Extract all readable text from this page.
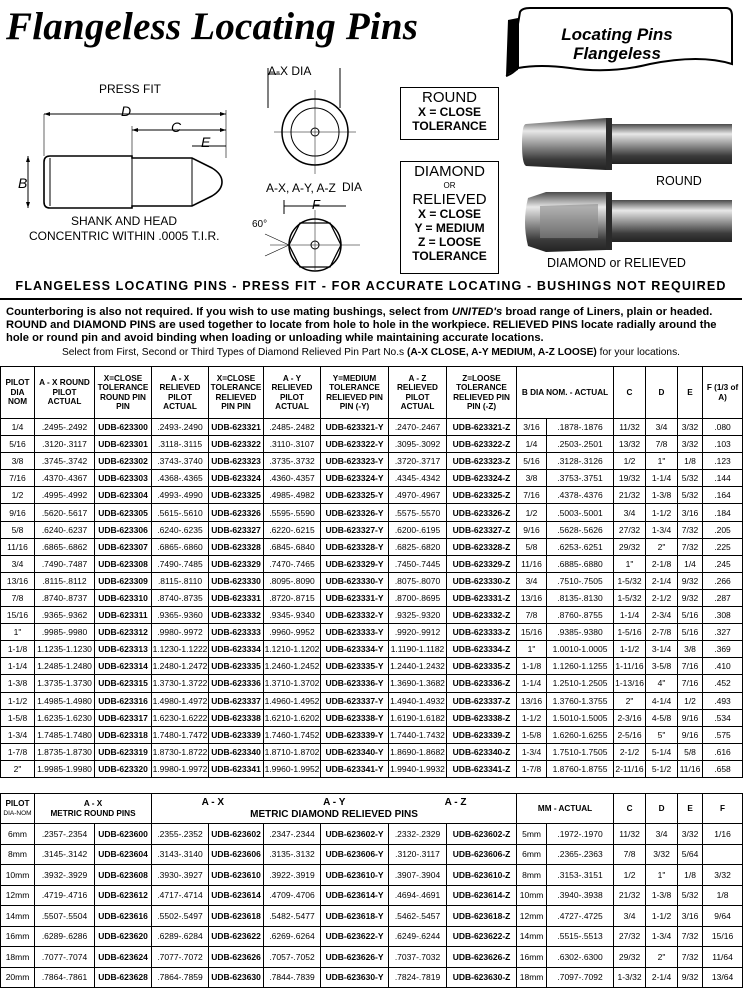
Flangeless Locating Pins	Locating Pins
Flangeless
PRESS FIT
D
C
E
B
SHANK AND HEAD
CONCENTRIC WITHIN .0005 T.I.R.
A-X DIA
A-X, A-Y, A-Z DIA
F
60°
ROUND
X = CLOSE
TOLERANCE
DIAMOND
OR
RELIEVED
X = CLOSE
Y = MEDIUM
Z = LOOSE
TOLERANCE
ROUND
DIAMOND or RELIEVED
FLANGELESS LOCATING PINS - PRESS FIT - FOR ACCURATE LOCATING - BUSHINGS NOT REQUIRED
Counterboring is also not required. If you wish to use mating bushings, select from UNITED's broad range of Liners, plain or headed. ROUND and DIAMOND PINS are used together to locate from hole to hole in the workpiece. RELIEVED PINS locate radially around the hole or round pin and avoid binding when loading or unloading while maintaining accurate locations.
Select from First, Second or Third Types of Diamond Relieved Pin Part No.s (A-X CLOSE, A-Y MEDIUM, A-Z LOOSE) for your locations.
PILOT DIA NOM	A - X ROUND PILOT ACTUAL	X=CLOSE TOLERANCE ROUND PIN PIN	A - X RELIEVED PILOT ACTUAL	X=CLOSE TOLERANCE RELIEVED PIN PIN	A - Y RELIEVED PILOT ACTUAL	Y=MEDIUM TOLERANCE RELIEVED PIN PIN (-Y)	A - Z RELIEVED PILOT ACTUAL	Z=LOOSE TOLERANCE RELIEVED PIN PIN (-Z)	B DIA NOM. - ACTUAL		C	D	E	F (1/3 of A)
1/4	.2495-.2492	UDB-623300	.2493-.2490	UDB-623321	.2485-.2482	UDB-623321-Y	.2470-.2467	UDB-623321-Z	3/16	.1878-.1876	11/32	3/4	3/32	.080
5/16	.3120-.3117	UDB-623301	.3118-.3115	UDB-623322	.3110-.3107	UDB-623322-Y	.3095-.3092	UDB-623322-Z	1/4	.2503-.2501	13/32	7/8	3/32	.103
3/8	.3745-.3742	UDB-623302	.3743-.3740	UDB-623323	.3735-.3732	UDB-623323-Y	.3720-.3717	UDB-623323-Z	5/16	.3128-.3126	1/2	1"	1/8	.123
7/16	.4370-.4367	UDB-623303	.4368-.4365	UDB-623324	.4360-.4357	UDB-623324-Y	.4345-.4342	UDB-623324-Z	3/8	.3753-.3751	19/32	1-1/4	5/32	.144
1/2	.4995-.4992	UDB-623304	.4993-.4990	UDB-623325	.4985-.4982	UDB-623325-Y	.4970-.4967	UDB-623325-Z	7/16	.4378-.4376	21/32	1-3/8	5/32	.164
9/16	.5620-.5617	UDB-623305	.5615-.5610	UDB-623326	.5595-.5590	UDB-623326-Y	.5575-.5570	UDB-623326-Z	1/2	.5003-.5001	3/4	1-1/2	3/16	.184
5/8	.6240-.6237	UDB-623306	.6240-.6235	UDB-623327	.6220-.6215	UDB-623327-Y	.6200-.6195	UDB-623327-Z	9/16	.5628-.5626	27/32	1-3/4	7/32	.205
11/16	.6865-.6862	UDB-623307	.6865-.6860	UDB-623328	.6845-.6840	UDB-623328-Y	.6825-.6820	UDB-623328-Z	5/8	.6253-.6251	29/32	2"	7/32	.225
3/4	.7490-.7487	UDB-623308	.7490-.7485	UDB-623329	.7470-.7465	UDB-623329-Y	.7450-.7445	UDB-623329-Z	11/16	.6885-.6880	1"	2-1/8	1/4	.245
13/16	.8115-.8112	UDB-623309	.8115-.8110	UDB-623330	.8095-.8090	UDB-623330-Y	.8075-.8070	UDB-623330-Z	3/4	.7510-.7505	1-5/32	2-1/4	9/32	.266
7/8	.8740-.8737	UDB-623310	.8740-.8735	UDB-623331	.8720-.8715	UDB-623331-Y	.8700-.8695	UDB-623331-Z	13/16	.8135-.8130	1-5/32	2-1/2	9/32	.287
15/16	.9365-.9362	UDB-623311	.9365-.9360	UDB-623332	.9345-.9340	UDB-623332-Y	.9325-.9320	UDB-623332-Z	7/8	.8760-.8755	1-1/4	2-3/4	5/16	.308
1"	.9985-.9980	UDB-623312	.9980-.9972	UDB-623333	.9960-.9952	UDB-623333-Y	.9920-.9912	UDB-623333-Z	15/16	.9385-.9380	1-5/16	2-7/8	5/16	.327
1-1/8	1.1235-1.1230	UDB-623313	1.1230-1.1222	UDB-623334	1.1210-1.1202	UDB-623334-Y	1.1190-1.1182	UDB-623334-Z	1"	1.0010-1.0005	1-1/2	3-1/4	3/8	.369
1-1/4	1.2485-1.2480	UDB-623314	1.2480-1.2472	UDB-623335	1.2460-1.2452	UDB-623335-Y	1.2440-1.2432	UDB-623335-Z	1-1/8	1.1260-1.1255	1-11/16	3-5/8	7/16	.410
1-3/8	1.3735-1.3730	UDB-623315	1.3730-1.3722	UDB-623336	1.3710-1.3702	UDB-623336-Y	1.3690-1.3682	UDB-623336-Z	1-1/4	1.2510-1.2505	1-13/16	4"	7/16	.452
1-1/2	1.4985-1.4980	UDB-623316	1.4980-1.4972	UDB-623337	1.4960-1.4952	UDB-623337-Y	1.4940-1.4932	UDB-623337-Z	13/16	1.3760-1.3755	2"	4-1/4	1/2	.493
1-5/8	1.6235-1.6230	UDB-623317	1.6230-1.6222	UDB-623338	1.6210-1.6202	UDB-623338-Y	1.6190-1.6182	UDB-623338-Z	1-1/2	1.5010-1.5005	2-3/16	4-5/8	9/16	.534
1-3/4	1.7485-1.7480	UDB-623318	1.7480-1.7472	UDB-623339	1.7460-1.7452	UDB-623339-Y	1.7440-1.7432	UDB-623339-Z	1-5/8	1.6260-1.6255	2-5/16	5"	9/16	.575
1-7/8	1.8735-1.8730	UDB-623319	1.8730-1.8722	UDB-623340	1.8710-1.8702	UDB-623340-Y	1.8690-1.8682	UDB-623340-Z	1-3/4	1.7510-1.7505	2-1/2	5-1/4	5/8	.616
2"	1.9985-1.9980	UDB-623320	1.9980-1.9972	UDB-623341	1.9960-1.9952	UDB-623341-Y	1.9940-1.9932	UDB-623341-Z	1-7/8	1.8760-1.8755	2-11/16	5-1/2	11/16	.658
PILOT
DIA-NOM	A - X
METRIC ROUND PINS		A - X A - Y A - Z
METRIC DIAMOND RELIEVED PINS						MM - ACTUAL		C	D	E	F
6mm	.2357-.2354	UDB-623600	.2355-.2352	UDB-623602	.2347-.2344	UDB-623602-Y	.2332-.2329	UDB-623602-Z	5mm	.1972-.1970	11/32	3/4	3/32	1/16
8mm	.3145-.3142	UDB-623604	.3143-.3140	UDB-623606	.3135-.3132	UDB-623606-Y	.3120-.3117	UDB-623606-Z	6mm	.2365-.2363	7/8	3/32	5/64	
10mm	.3932-.3929	UDB-623608	.3930-.3927	UDB-623610	.3922-.3919	UDB-623610-Y	.3907-.3904	UDB-623610-Z	8mm	.3153-.3151	1/2	1"	1/8	3/32
12mm	.4719-.4716	UDB-623612	.4717-.4714	UDB-623614	.4709-.4706	UDB-623614-Y	.4694-.4691	UDB-623614-Z	10mm	.3940-.3938	21/32	1-3/8	5/32	1/8
14mm	.5507-.5504	UDB-623616	.5502-.5497	UDB-623618	.5482-.5477	UDB-623618-Y	.5462-.5457	UDB-623618-Z	12mm	.4727-.4725	3/4	1-1/2	3/16	9/64
16mm	.6289-.6286	UDB-623620	.6289-.6284	UDB-623622	.6269-.6264	UDB-623622-Y	.6249-.6244	UDB-623622-Z	14mm	.5515-.5513	27/32	1-3/4	7/32	15/16
18mm	.7077-.7074	UDB-623624	.7077-.7072	UDB-623626	.7057-.7052	UDB-623626-Y	.7037-.7032	UDB-623626-Z	16mm	.6302-.6300	29/32	2"	7/32	11/64
20mm	.7864-.7861	UDB-623628	.7864-.7859	UDB-623630	.7844-.7839	UDB-623630-Y	.7824-.7819	UDB-623630-Z	18mm	.7097-.7092	1-3/32	2-1/4	9/32	13/64
